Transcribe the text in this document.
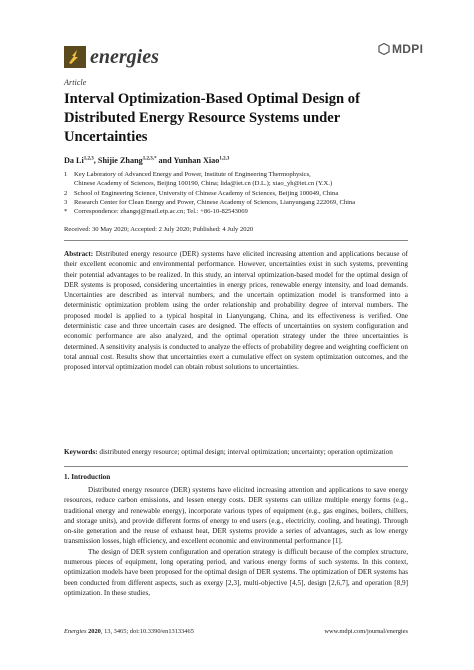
energies	MDPI
Article
Interval Optimization-Based Optimal Design of Distributed Energy Resource Systems under Uncertainties
Da Li$^{1,2,3}$, Shijie Zhang$^{1,2,3,*}$ and Yunhan Xiao$^{1,2,3}$
1	Key Laboratory of Advanced Energy and Power, Institute of Engineering Thermophysics,
Chinese Academy of Sciences, Beijing 100190, China; lida@iet.cn (D.L.); xiao_yh@iet.cn (Y.X.)
2	School of Engineering Science, University of Chinese Academy of Sciences, Beijing 100049, China
3	Research Center for Clean Energy and Power, Chinese Academy of Sciences, Lianyungang 222069, China
*	Correspondence: zhangsj@mail.etp.ac.cn; Tel.: +86-10-82543069
Received: 30 May 2020; Accepted: 2 July 2020; Published: 4 July 2020
Abstract: Distributed energy resource (DER) systems have elicited increasing attention and applications because of their excellent economic and environmental performance. However, uncertainties exist in such systems, preventing their potential advantages to be realized. In this study, an interval optimization-based model for the optimal design of DER systems is proposed, considering uncertainties in energy prices, renewable energy intensity, and load demands. Uncertainties are described as interval numbers, and the uncertain optimization model is transformed into a deterministic optimization problem using the order relationship and probability degree of interval numbers. The proposed model is applied to a typical hospital in Lianyungang, China, and its effectiveness is verified. One deterministic case and three uncertain cases are designed. The effects of uncertainties on system configuration and economic performance are also analyzed, and the optimal operation strategy under the three uncertainties is determined. A sensitivity analysis is conducted to analyze the effects of probability degree and weighting coefficient on total annual cost. Results show that uncertainties exert a cumulative effect on system optimization outcomes, and the proposed interval optimization model can obtain robust solutions to uncertainties.
Keywords: distributed energy resource; optimal design; interval optimization; uncertainty; operation optimization
1. Introduction

Distributed energy resource (DER) systems have elicited increasing attention and applications to save energy resources, reduce carbon emissions, and lessen energy costs. DER systems can utilize multiple energy forms (e.g., traditional energy and renewable energy), incorporate various types of equipment (e.g., gas engines, boilers, chillers, and storage units), and provide different forms of energy to end users (e.g., electricity, cooling, and heating). Through on-site generation and the reuse of exhaust heat, DER systems provide a series of advantages, such as low energy transmission losses, high efficiency, and excellent economic and environmental performance [1].

The design of DER system configuration and operation strategy is difficult because of the complex structure, numerous pieces of equipment, long operating period, and various energy forms of such systems. In this context, optimization models have been proposed for the optimal design of DER systems. The optimization of DER systems has been conducted from different aspects, such as exergy [2,3], multi-objective [4,5], design [2,6,7], and operation [8,9] optimization. In these studies,

Energies 2020, 13, 3465; doi:10.3390/en13133465	www.mdpi.com/journal/energies
